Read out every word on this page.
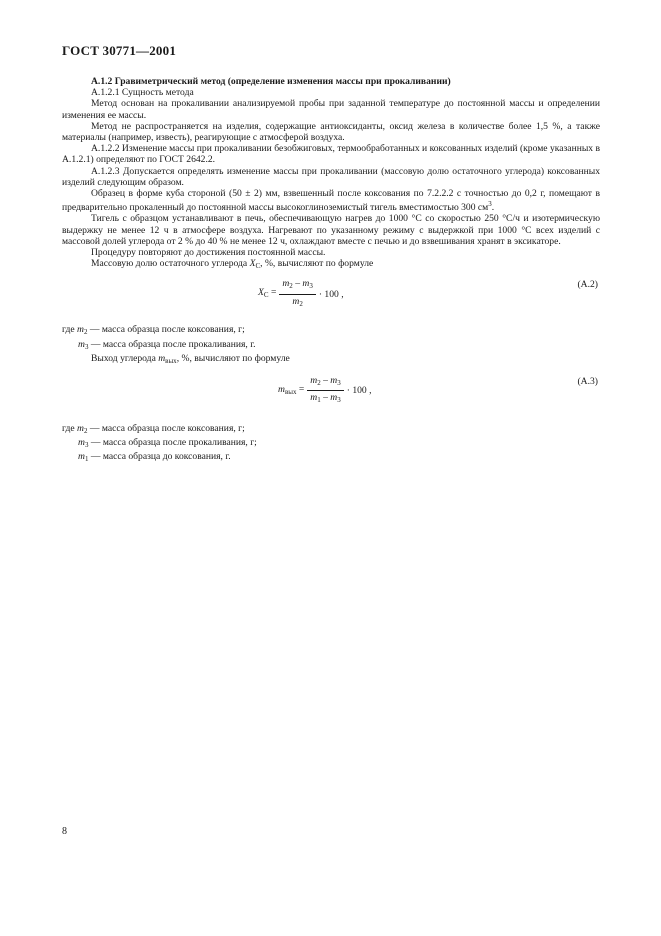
ГОСТ 30771—2001

А.1.2 Гравиметрический метод (определение изменения массы при прокаливании)

А.1.2.1 Сущность метода

Метод основан на прокаливании анализируемой пробы при заданной температуре до постоянной массы и определении изменения ее массы.

Метод не распространяется на изделия, содержащие антиоксиданты, оксид железа в количестве более 1,5 %, а также материалы (например, известь), реагирующие с атмосферой воздуха.

А.1.2.2 Изменение массы при прокаливании безобжиговых, термообработанных и коксованных изделий (кроме указанных в А.1.2.1) определяют по ГОСТ 2642.2.

А.1.2.3 Допускается определять изменение массы при прокаливании (массовую долю остаточного углерода) коксованных изделий следующим образом.

Образец в форме куба стороной (50 ± 2) мм, взвешенный после коксования по 7.2.2.2 с точностью до 0,2 г, помещают в предварительно прокаленный до постоянной массы высокоглиноземистый тигель вместимостью 300 $см^3$.

Тигель с образцом устанавливают в печь, обеспечивающую нагрев до 1000 °С со скоростью 250 °С/ч и изотермическую выдержку не менее 12 ч в атмосфере воздуха. Нагревают по указанному режиму с выдержкой при 1000 °С всех изделий с массовой долей углерода от 2 % до 40 % не менее 12 ч, охлаждают вместе с печью и до взвешивания хранят в эксикаторе.

Процедуру повторяют до достижения постоянной массы.

Массовую долю остаточного углерода $X_C$, %, вычисляют по формуле

$X_C = \frac{m_2 - m_3}{m_2} \cdot 100$ ,
(А.2)

где $m_2$ — масса образца после коксования, г;

$m_3$ — масса образца после прокаливания, г.

Выход углерода $m_{вых}$, %, вычисляют по формуле

$m_{вых} = \frac{m_2 - m_3}{m_1 - m_3} \cdot 100$ ,
(А.3)

где $m_2$ — масса образца после коксования, г;

$m_3$ — масса образца после прокаливания, г;

$m_1$ — масса образца до коксования, г.

8
